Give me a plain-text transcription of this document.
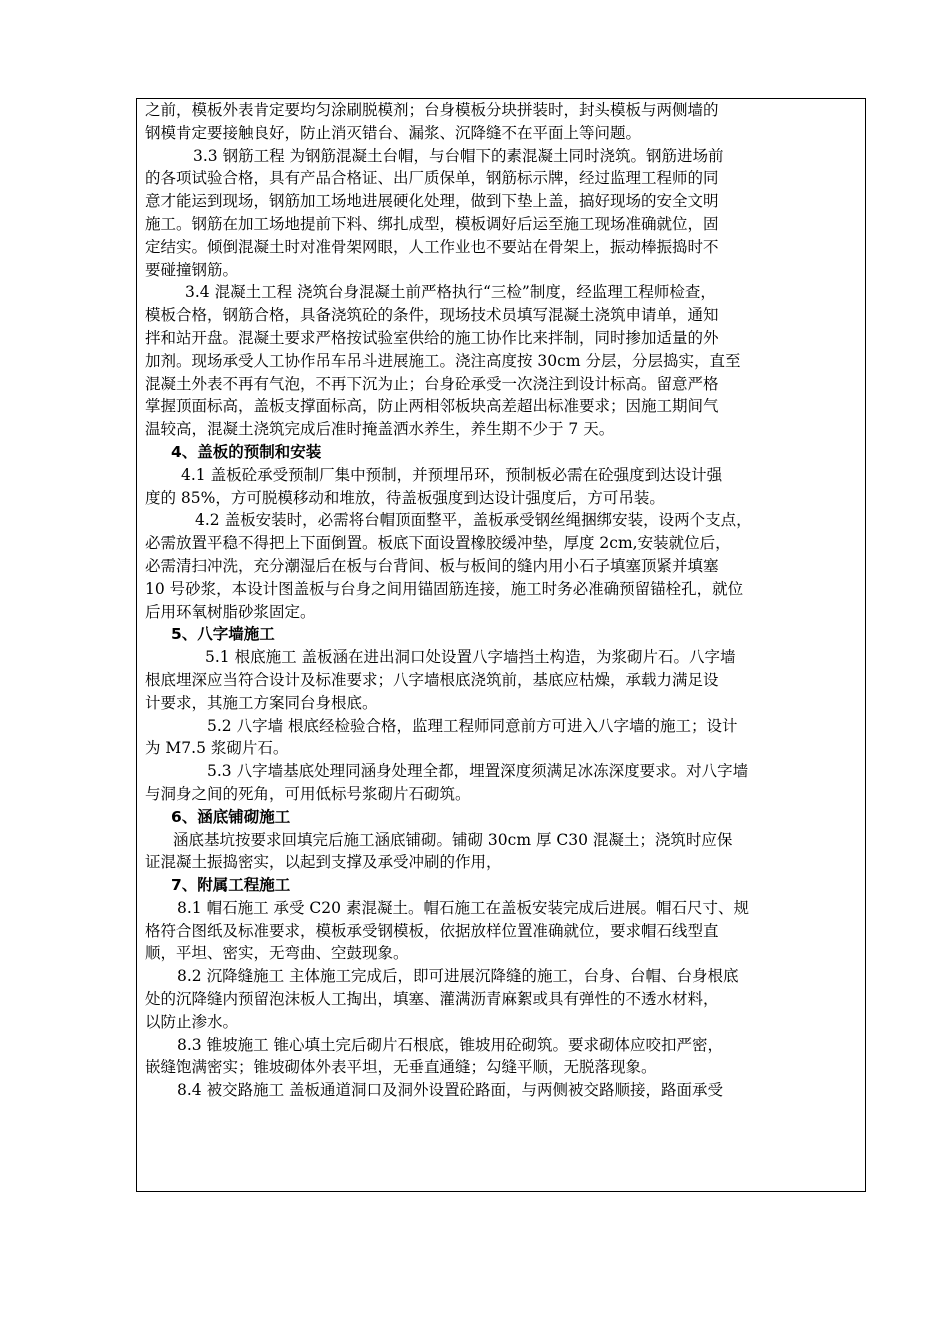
之前，模板外表肯定要均匀涂刷脱模剂；台身模板分块拼装时，封头模板与两侧墙的
钢模肯定要接触良好，防止消灭错台、漏浆、沉降缝不在平面上等问题。
3.3 钢筋工程 为钢筋混凝土台帽，与台帽下的素混凝土同时浇筑。钢筋进场前
的各项试验合格，具有产品合格证、出厂质保单，钢筋标示牌，经过监理工程师的同
意才能运到现场，钢筋加工场地进展硬化处理，做到下垫上盖，搞好现场的安全文明
施工。钢筋在加工场地提前下料、绑扎成型，模板调好后运至施工现场准确就位，固
定结实。倾倒混凝土时对准骨架网眼，人工作业也不要站在骨架上，振动棒振捣时不
要碰撞钢筋。
3.4 混凝土工程 浇筑台身混凝土前严格执行“三检”制度，经监理工程师检查，
模板合格，钢筋合格，具备浇筑砼的条件，现场技术员填写混凝土浇筑申请单，通知
拌和站开盘。混凝土要求严格按试验室供给的施工协作比来拌制，同时掺加适量的外
加剂。现场承受人工协作吊车吊斗进展施工。浇注高度按 30cm 分层，分层捣实，直至
混凝土外表不再有气泡，不再下沉为止；台身砼承受一次浇注到设计标高。留意严格
掌握顶面标高，盖板支撑面标高，防止两相邻板块高差超出标准要求；因施工期间气
温较高，混凝土浇筑完成后准时掩盖洒水养生，养生期不少于 7 天。
4、盖板的预制和安装
4.1 盖板砼承受预制厂集中预制，并预埋吊环，预制板必需在砼强度到达设计强
度的 85%，方可脱模移动和堆放，待盖板强度到达设计强度后，方可吊装。
4.2 盖板安装时，必需将台帽顶面整平，盖板承受钢丝绳捆绑安装，设两个支点，
必需放置平稳不得把上下面倒置。板底下面设置橡胶缓冲垫，厚度 2cm,安装就位后，
必需清扫冲洗，充分潮湿后在板与台背间、板与板间的缝内用小石子填塞顶紧并填塞
10 号砂浆，本设计图盖板与台身之间用锚固筋连接，施工时务必准确预留锚栓孔，就位
后用环氧树脂砂浆固定。
5、八字墙施工
5.1 根底施工 盖板涵在进出洞口处设置八字墙挡土构造，为浆砌片石。八字墙
根底埋深应当符合设计及标准要求；八字墙根底浇筑前，基底应枯燥，承载力满足设
计要求，其施工方案同台身根底。
5.2 八字墙 根底经检验合格，监理工程师同意前方可进入八字墙的施工；设计
为 M7.5 浆砌片石。
5.3 八字墙基底处理同涵身处理全都，埋置深度须满足冰冻深度要求。对八字墙
与洞身之间的死角，可用低标号浆砌片石砌筑。
6、涵底铺砌施工
涵底基坑按要求回填完后施工涵底铺砌。铺砌 30cm 厚 C30 混凝土；浇筑时应保
证混凝土振捣密实，以起到支撑及承受冲刷的作用，
7、附属工程施工
8.1 帽石施工 承受 C20 素混凝土。帽石施工在盖板安装完成后进展。帽石尺寸、规
格符合图纸及标准要求，模板承受钢模板，依据放样位置准确就位，要求帽石线型直
顺，平坦、密实，无弯曲、空鼓现象。
8.2 沉降缝施工 主体施工完成后，即可进展沉降缝的施工，台身、台帽、台身根底
处的沉降缝内预留泡沫板人工掏出，填塞、灌满沥青麻絮或具有弹性的不透水材料，
以防止渗水。
8.3 锥坡施工 锥心填土完后砌片石根底，锥坡用砼砌筑。要求砌体应咬扣严密，
嵌缝饱满密实；锥坡砌体外表平坦，无垂直通缝；勾缝平顺，无脱落现象。
8.4 被交路施工 盖板通道洞口及洞外设置砼路面，与两侧被交路顺接，路面承受
